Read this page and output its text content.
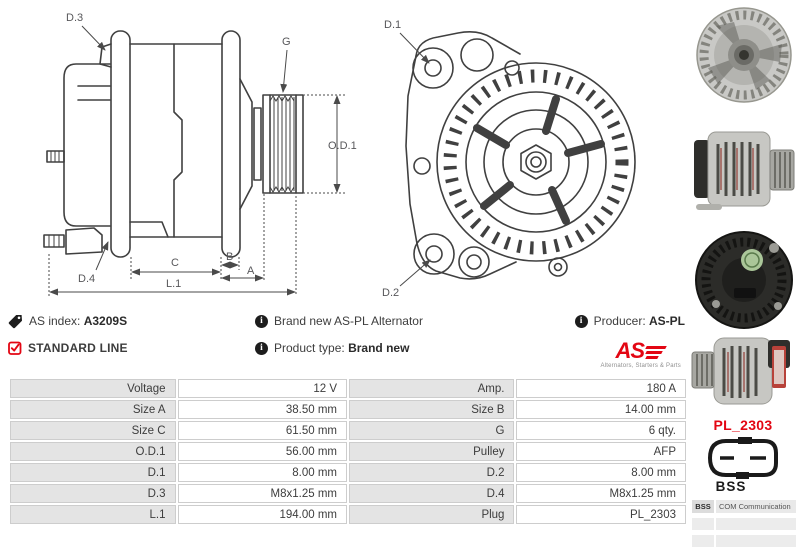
D.3
G
D.4
O.D.1
C	B
A
L.1
D.1
D.2
PL_2303
BSS
BSS	COM Communication
AS index: A3209S
STANDARD LINE
i Brand new AS-PL Alternator
i Product type: Brand new
i Producer: AS-PL
AS
Alternators, Starters & Parts
Voltage	12 V	Amp.	180 A
Size A	38.50 mm	Size B	14.00 mm
Size C	61.50 mm	G	6 qty.
O.D.1	56.00 mm	Pulley	AFP
D.1	8.00 mm	D.2	8.00 mm
D.3	M8x1.25 mm	D.4	M8x1.25 mm
L.1	194.00 mm	Plug	PL_2303
